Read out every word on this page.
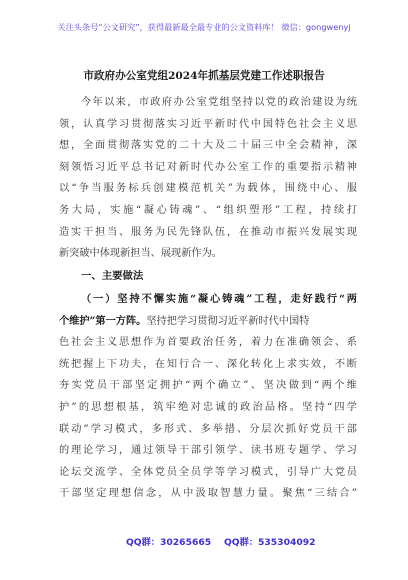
关注头条号“公文研究”，获得最新最全最专业的公文资料库！ 微信：gongwenyj
市政府办公室党组2024年抓基层党建工作述职报告
今年以来，市政府办公室党组坚持以党的政治建设为统
领，认真学习贯彻落实习近平新时代中国特色社会主义思
想，全面贯彻落实党的二十大及二十届三中全会精神，深
刻领悟习近平总书记对新时代办公室工作的重要指示精神
以“争当服务标兵创建模范机关”为载体，围绕中心、服
务大局，实施“凝心铸魂”、“组织塑形”工程，持续打
造实干担当、服务为民先锋队伍，在推动市振兴发展实现
新突破中体现新担当、展现新作为。
一、主要做法
（一）坚持不懈实施“凝心铸魂”工程，走好践行“两
个维护”第一方阵。坚持把学习贯彻习近平新时代中国特
色社会主义思想作为首要政治任务，着力在准确领会、系
统把握上下功夫，在知行合一、深化转化上求实效，不断
夯实党员干部坚定拥护“两个确立”、坚决做到“两个维
护”的思想根基，筑牢绝对忠诚的政治品格。坚持“四学
联动”学习模式，多形式、多举措、分层次抓好党员干部
的理论学习，通过领导干部引领学、读书班专题学、学习
论坛交流学、全体党员全员学等学习模式，引导广大党员
干部坚定理想信念，从中汲取智慧力量。聚焦“三结合”
QQ群：30265665 QQ群：535304092
